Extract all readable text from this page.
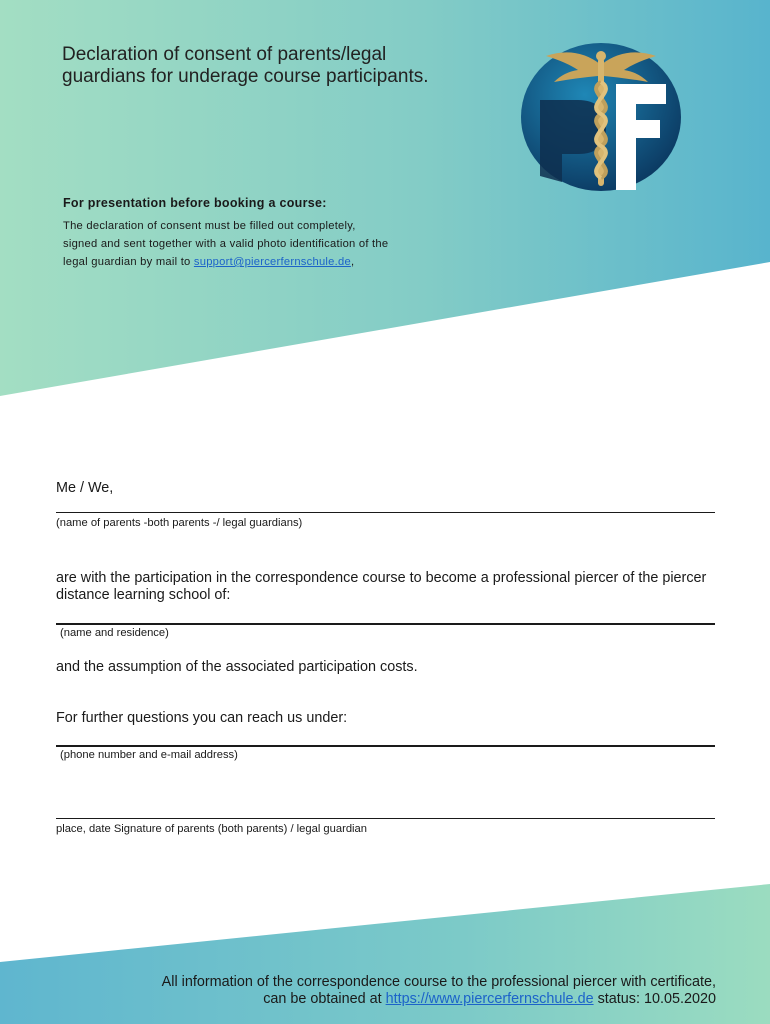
Declaration of consent of parents/legal guardians for underage course participants.
For presentation before booking a course:
The declaration of consent must be filled out completely,
signed and sent together with a valid photo identification of the
legal guardian by mail to support@piercerfernschule.de,
Me / We,
(name of parents -both parents -/ legal guardians)
are with the participation in the correspondence course to become a professional piercer of the piercer distance learning school of:
(name and residence)
and the assumption of the associated participation costs.
For further questions you can reach us under:
(phone number and e-mail address)
place, date Signature of parents (both parents) / legal guardian
All information of the correspondence course to the professional piercer with certificate,
can be obtained at https://www.piercerfernschule.de status: 10.05.2020
